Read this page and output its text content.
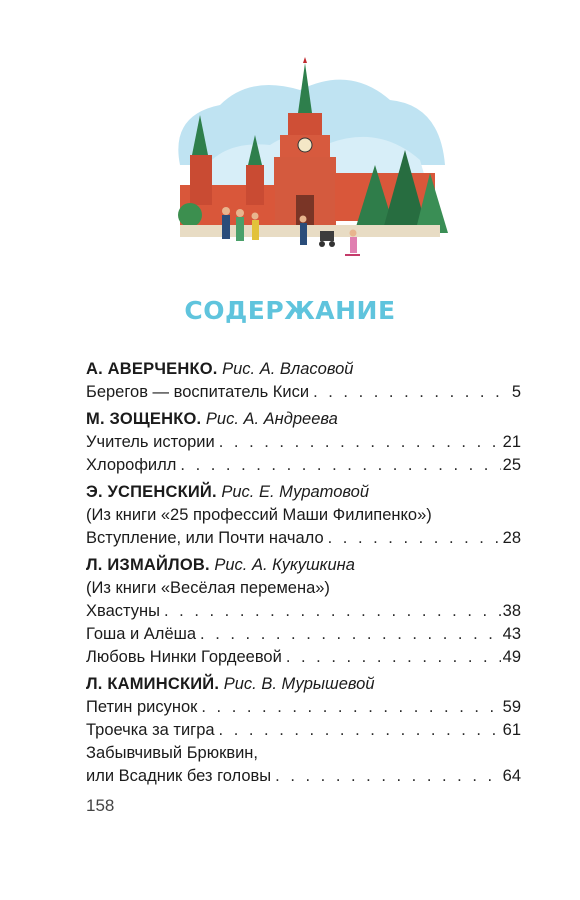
СОДЕРЖАНИЕ
А. АВЕРЧЕНКО. Рис. А. Власовой
Берегов — воспитатель Киси . . .	5
М. ЗОЩЕНКО. Рис. А. Андреева
Учитель истории . . .	21
Хлорофилл . . .	25
Э. УСПЕНСКИЙ. Рис. Е. Муратовой
(Из книги «25 профессий Маши Филипенко»)
Вступление, или Почти начало . . .	28
Л. ИЗМАЙЛОВ. Рис. А. Кукушкина
(Из книги «Весёлая перемена»)
Хвастуны . . .	38
Гоша и Алёша . . .	43
Любовь Нинки Гордеевой . . .	49
Л. КАМИНСКИЙ. Рис. В. Мурышевой
Петин рисунок . . .	59
Троечка за тигра . . .	61
Забывчивый Брюквин,
или Всадник без головы . . .	64
158
